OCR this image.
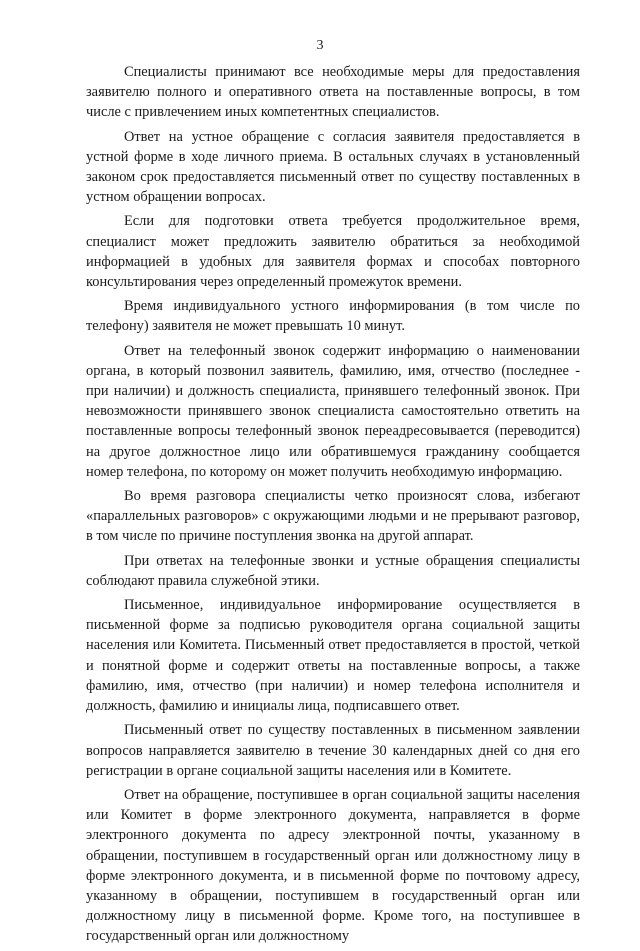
3

Специалисты принимают все необходимые меры для предоставления заявителю полного и оперативного ответа на поставленные вопросы, в том числе с привлечением иных компетентных специалистов.

Ответ на устное обращение с согласия заявителя предоставляется в устной форме в ходе личного приема. В остальных случаях в установленный законом срок предоставляется письменный ответ по существу поставленных в устном обращении вопросах.

Если для подготовки ответа требуется продолжительное время, специалист может предложить заявителю обратиться за необходимой информацией в удобных для заявителя формах и способах повторного консультирования через определенный промежуток времени.

Время индивидуального устного информирования (в том числе по телефону) заявителя не может превышать 10 минут.

Ответ на телефонный звонок содержит информацию о наименовании органа, в который позвонил заявитель, фамилию, имя, отчество (последнее - при наличии) и должность специалиста, принявшего телефонный звонок. При невозможности принявшего звонок специалиста самостоятельно ответить на поставленные вопросы телефонный звонок переадресовывается (переводится) на другое должностное лицо или обратившемуся гражданину сообщается номер телефона, по которому он может получить необходимую информацию.

Во время разговора специалисты четко произносят слова, избегают «параллельных разговоров» с окружающими людьми и не прерывают разговор, в том числе по причине поступления звонка на другой аппарат.

При ответах на телефонные звонки и устные обращения специалисты соблюдают правила служебной этики.

Письменное, индивидуальное информирование осуществляется в письменной форме за подписью руководителя органа социальной защиты населения или Комитета. Письменный ответ предоставляется в простой, четкой и понятной форме и содержит ответы на поставленные вопросы, а также фамилию, имя, отчество (при наличии) и номер телефона исполнителя и должность, фамилию и инициалы лица, подписавшего ответ.

Письменный ответ по существу поставленных в письменном заявлении вопросов направляется заявителю в течение 30 календарных дней со дня его регистрации в органе социальной защиты населения или в Комитете.

Ответ на обращение, поступившее в орган социальной защиты населения или Комитет в форме электронного документа, направляется в форме электронного документа по адресу электронной почты, указанному в обращении, поступившем в государственный орган или должностному лицу в форме электронного документа, и в письменной форме по почтовому адресу, указанному в обращении, поступившем в государственный орган или должностному лицу в письменной форме. Кроме того, на поступившее в государственный орган или должностному
